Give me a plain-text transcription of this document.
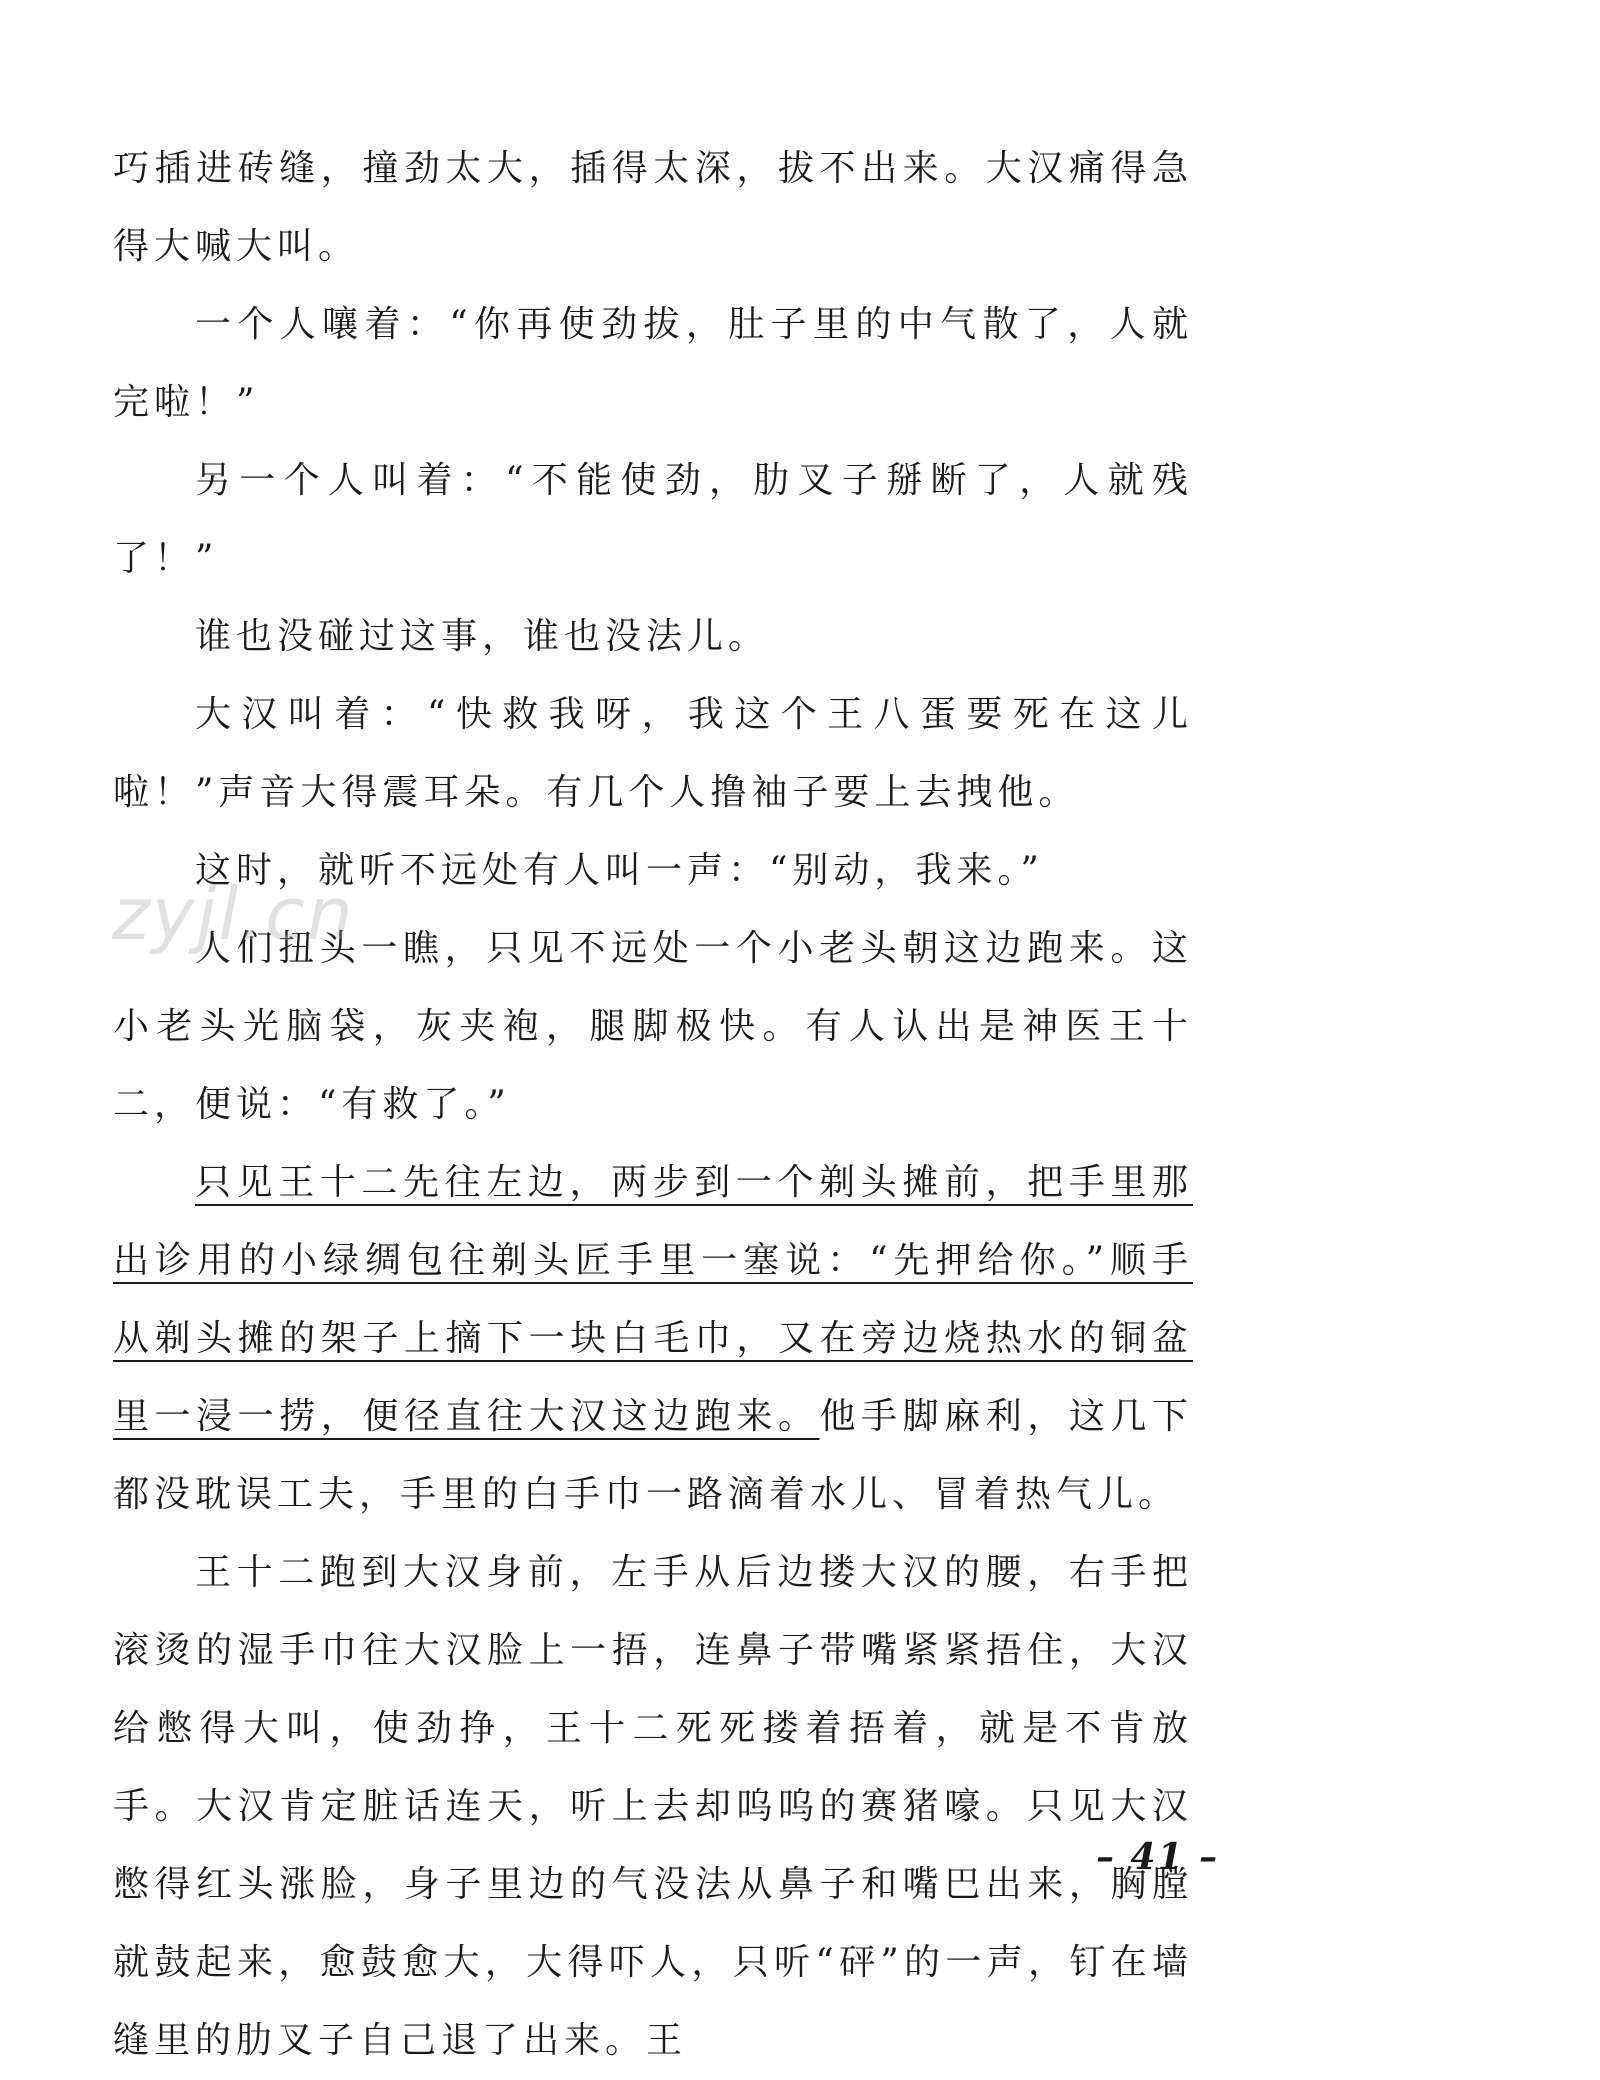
巧插进砖缝，撞劲太大，插得太深，拔不出来。大汉痛得急得大喊大叫。

一个人嚷着：“你再使劲拔，肚子里的中气散了，人就完啦！”

另一个人叫着：“不能使劲，肋叉子掰断了，人就残了！”

谁也没碰过这事，谁也没法儿。

大汉叫着：“快救我呀，我这个王八蛋要死在这儿啦！”声音大得震耳朵。有几个人撸袖子要上去拽他。

这时，就听不远处有人叫一声：“别动，我来。”

人们扭头一瞧，只见不远处一个小老头朝这边跑来。这小老头光脑袋，灰夹袍，腿脚极快。有人认出是神医王十二，便说：“有救了。”

只见王十二先往左边，两步到一个剃头摊前，把手里那出诊用的小绿绸包往剃头匠手里一塞说：“先押给你。”顺手从剃头摊的架子上摘下一块白毛巾，又在旁边烧热水的铜盆里一浸一捞，便径直往大汉这边跑来。他手脚麻利，这几下都没耽误工夫，手里的白手巾一路滴着水儿、冒着热气儿。

王十二跑到大汉身前，左手从后边搂大汉的腰，右手把滚烫的湿手巾往大汉脸上一捂，连鼻子带嘴紧紧捂住，大汉给憋得大叫，使劲挣，王十二死死搂着捂着，就是不肯放手。大汉肯定脏话连天，听上去却呜呜的赛猪嚎。只见大汉憋得红头涨脸，身子里边的气没法从鼻子和嘴巴出来，胸膛就鼓起来，愈鼓愈大，大得吓人，只听“砰”的一声，钉在墙缝里的肋叉子自己退了出来。王

zyjl.cn
– 41 –
